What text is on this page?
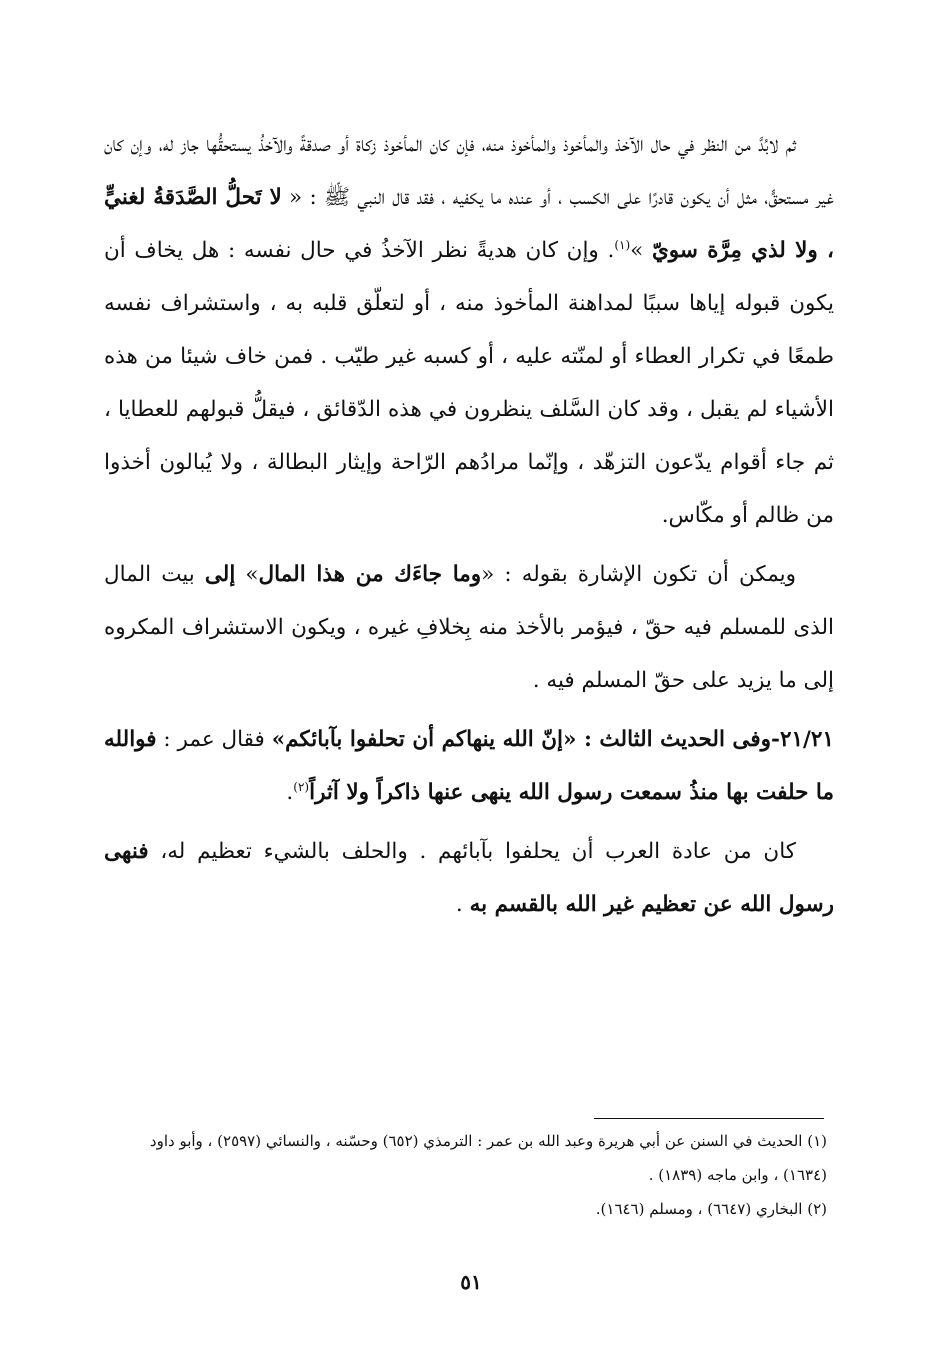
ثم لابُدَّ من النظر في حال الآخذ والمأخوذ والمأخوذ منه، فإن كان المأخوذ زكاة أو صدقةً والآخذُ يستحقُّها جاز له، وإن كان غير مستحقٍّ، مثل أن يكون قادرًا على الكسب ، أو عنده ما يكفيه ، فقد قال النبي ﷺ : « لا تَحلُّ الصَّدَقةُ لغنيٍّ ، ولا لذي مِرَّة سويّ »$^{(١)}$. وإن كان هديةً نظر الآخذُ في حال نفسه : هل يخاف أن يكون قبوله إياها سببًا لمداهنة المأخوذ منه ، أو لتعلّق قلبه به ، واستشراف نفسه طمعًا في تكرار العطاء أو لمنّته عليه ، أو كسبه غير طيّب . فمن خاف شيئا من هذه الأشياء لم يقبل ، وقد كان السَّلف ينظرون في هذه الدّقائق ، فيقلُّ قبولهم للعطايا ، ثم جاء أقوام يدّعون التزهّد ، وإنّما مرادُهم الرّاحة وإيثار البطالة ، ولا يُبالون أخذوا من ظالم أو مكّاس.

ويمكن أن تكون الإشارة بقوله : «وما جاءَك من هذا المال» إلى بيت المال الذى للمسلم فيه حقّ ، فيؤمر بالأخذ منه بِخلافِ غيره ، ويكون الاستشراف المكروه إلى ما يزيد على حقّ المسلم فيه .

٢١/٢١-وفى الحديث الثالث : «إنّ الله ينهاكم أن تحلفوا بآبائكم» فقال عمر : فوالله ما حلفت بها منذُ سمعت رسول الله ينهى عنها ذاكراً ولا آثراً$^{(٢)}$.

كان من عادة العرب أن يحلفوا بآبائهم . والحلف بالشيء تعظيم له، فنهى رسول الله عن تعظيم غير الله بالقسم به .

(١) الحديث في السنن عن أبي هريرة وعبد الله بن عمر : الترمذي (٦٥٢) وحسّنه ، والنسائي (٢٥٩٧) ، وأبو داود (١٦٣٤) ، وابن ماجه (١٨٣٩) .

(٢) البخاري (٦٦٤٧) ، ومسلم (١٦٤٦).

٥١
